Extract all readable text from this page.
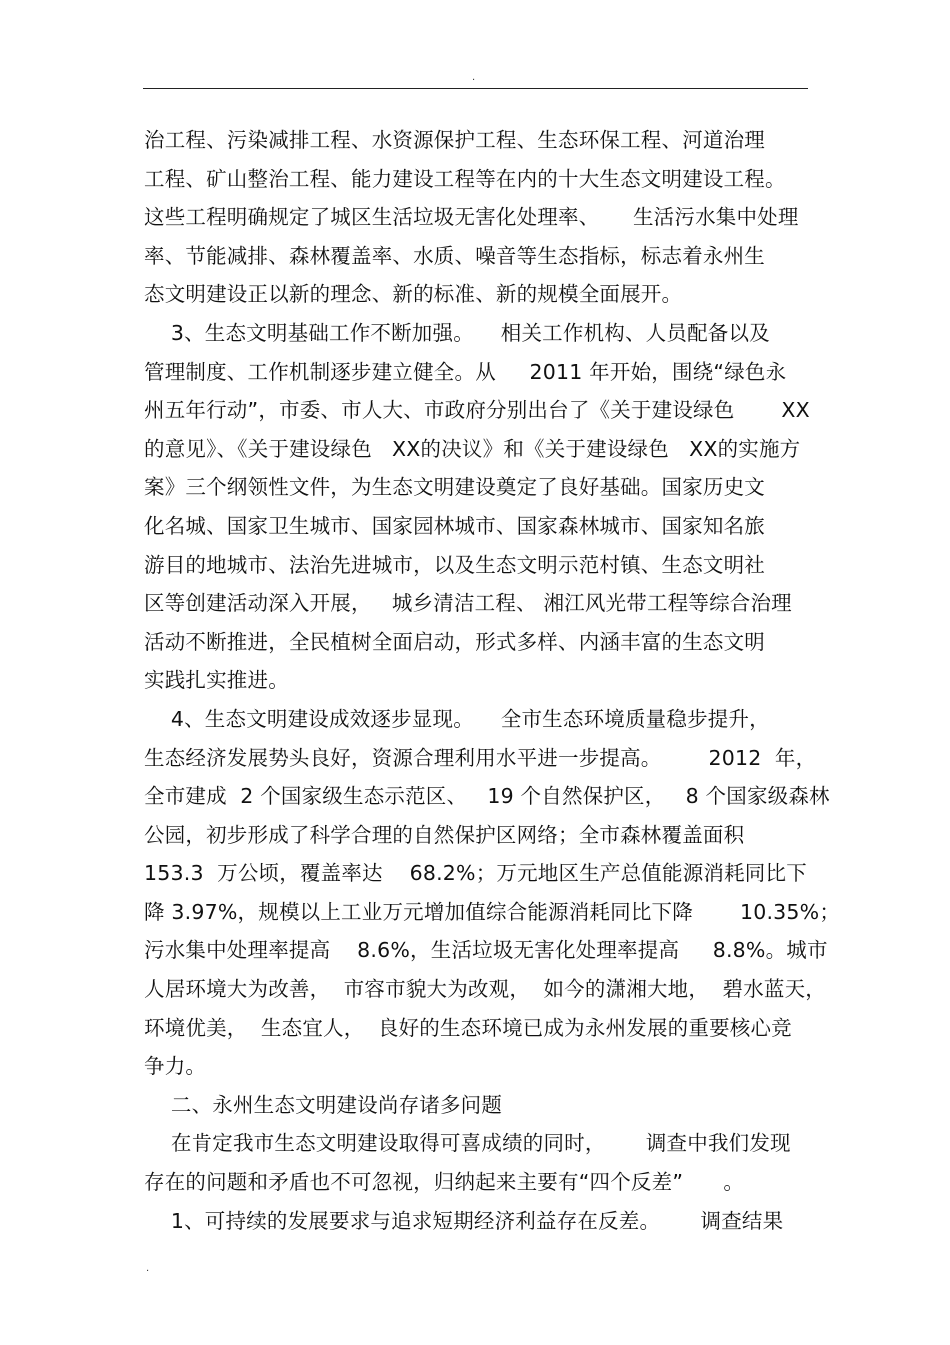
.
治工程、污染减排工程、水资源保护工程、生态环保工程、河道治理
工程、矿山整治工程、能力建设工程等在内的十大生态文明建设工程。
这些工程明确规定了城区生活垃圾无害化处理率、     生活污水集中处理
率、节能减排、森林覆盖率、水质、噪音等生态指标，标志着永州生
态文明建设正以新的理念、新的标准、新的规模全面展开。
3、生态文明基础工作不断加强。    相关工作机构、人员配备以及
管理制度、工作机制逐步建立健全。从     2011 年开始，围绕“绿色永
州五年行动”，市委、市人大、市政府分别出台了《关于建设绿色       XX
的意见》、《关于建设绿色   XX的决议》和《关于建设绿色   XX的实施方
案》三个纲领性文件，为生态文明建设奠定了良好基础。国家历史文
化名城、国家卫生城市、国家园林城市、国家森林城市、国家知名旅
游目的地城市、法治先进城市，以及生态文明示范村镇、生态文明社
区等创建活动深入开展，   城乡清洁工程、 湘江风光带工程等综合治理
活动不断推进，全民植树全面启动，形式多样、内涵丰富的生态文明
实践扎实推进。
4、生态文明建设成效逐步显现。    全市生态环境质量稳步提升，
生态经济发展势头良好，资源合理利用水平进一步提高。       2012  年，
全市建成  2 个国家级生态示范区、   19 个自然保护区，   8 个国家级森林
公园，初步形成了科学合理的自然保护区网络；全市森林覆盖面积
153.3  万公顷，覆盖率达    68.2%；万元地区生产总值能源消耗同比下
降 3.97%，规模以上工业万元增加值综合能源消耗同比下降       10.35%；
污水集中处理率提高    8.6%，生活垃圾无害化处理率提高     8.8%。城市
人居环境大为改善，  市容市貌大为改观，  如今的潇湘大地，  碧水蓝天，
环境优美，  生态宜人，  良好的生态环境已成为永州发展的重要核心竞
争力。
二、永州生态文明建设尚存诸多问题
在肯定我市生态文明建设取得可喜成绩的同时，      调查中我们发现
存在的问题和矛盾也不可忽视，归纳起来主要有“四个反差”      。
1、可持续的发展要求与追求短期经济利益存在反差。      调查结果
.
